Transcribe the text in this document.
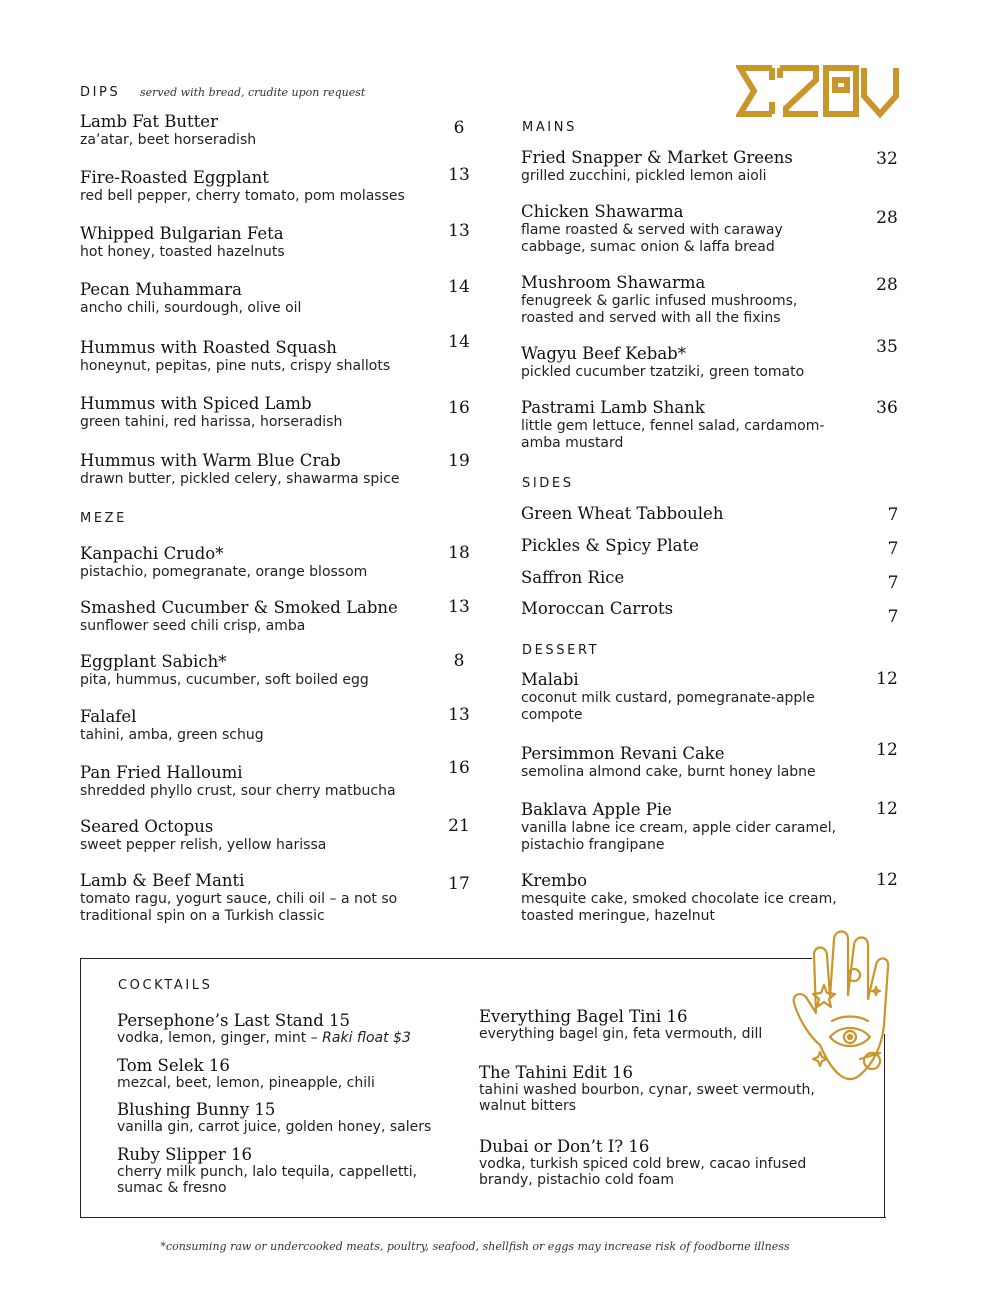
DIPS served with bread, crudite upon request
Lamb Fat Butter
za’atar, beet horseradish
6
Fire-Roasted Eggplant
red bell pepper, cherry tomato, pom molasses
13
Whipped Bulgarian Feta
hot honey, toasted hazelnuts
13
Pecan Muhammara
ancho chili, sourdough, olive oil
14
Hummus with Roasted Squash
honeynut, pepitas, pine nuts, crispy shallots
14
Hummus with Spiced Lamb
green tahini, red harissa, horseradish
16
Hummus with Warm Blue Crab
drawn butter, pickled celery, shawarma spice
19
MEZE
Kanpachi Crudo*
pistachio, pomegranate, orange blossom
18
Smashed Cucumber & Smoked Labne
sunflower seed chili crisp, amba
13
Eggplant Sabich*
pita, hummus, cucumber, soft boiled egg
8
Falafel
tahini, amba, green schug
13
Pan Fried Halloumi
shredded phyllo crust, sour cherry matbucha
16
Seared Octopus
sweet pepper relish, yellow harissa
21
Lamb & Beef Manti
tomato ragu, yogurt sauce, chili oil – a not so traditional spin on a Turkish classic
17
MAINS
Fried Snapper & Market Greens
grilled zucchini, pickled lemon aioli
32
Chicken Shawarma
flame roasted & served with caraway cabbage, sumac onion & laffa bread
28
Mushroom Shawarma
fenugreek & garlic infused mushrooms, roasted and served with all the fixins
28
Wagyu Beef Kebab*
pickled cucumber tzatziki, green tomato
35
Pastrami Lamb Shank
little gem lettuce, fennel salad, cardamom-amba mustard
36
SIDES
Green Wheat Tabbouleh	7
Pickles & Spicy Plate	7
Saffron Rice	7
Moroccan Carrots	7
DESSERT
Malabi
coconut milk custard, pomegranate-apple compote
12
Persimmon Revani Cake
semolina almond cake, burnt honey labne
12
Baklava Apple Pie
vanilla labne ice cream, apple cider caramel, pistachio frangipane
12
Krembo
mesquite cake, smoked chocolate ice cream, toasted meringue, hazelnut
12
COCKTAILS
Persephone’s Last Stand 15
vodka, lemon, ginger, mint – Raki float $3
Tom Selek 16
mezcal, beet, lemon, pineapple, chili
Blushing Bunny 15
vanilla gin, carrot juice, golden honey, salers
Ruby Slipper 16
cherry milk punch, lalo tequila, cappelletti, sumac & fresno
Everything Bagel Tini 16
everything bagel gin, feta vermouth, dill
The Tahini Edit 16
tahini washed bourbon, cynar, sweet vermouth, walnut bitters
Dubai or Don’t I? 16
vodka, turkish spiced cold brew, cacao infused brandy, pistachio cold foam
*consuming raw or undercooked meats, poultry, seafood, shellfish or eggs may increase risk of foodborne illness
